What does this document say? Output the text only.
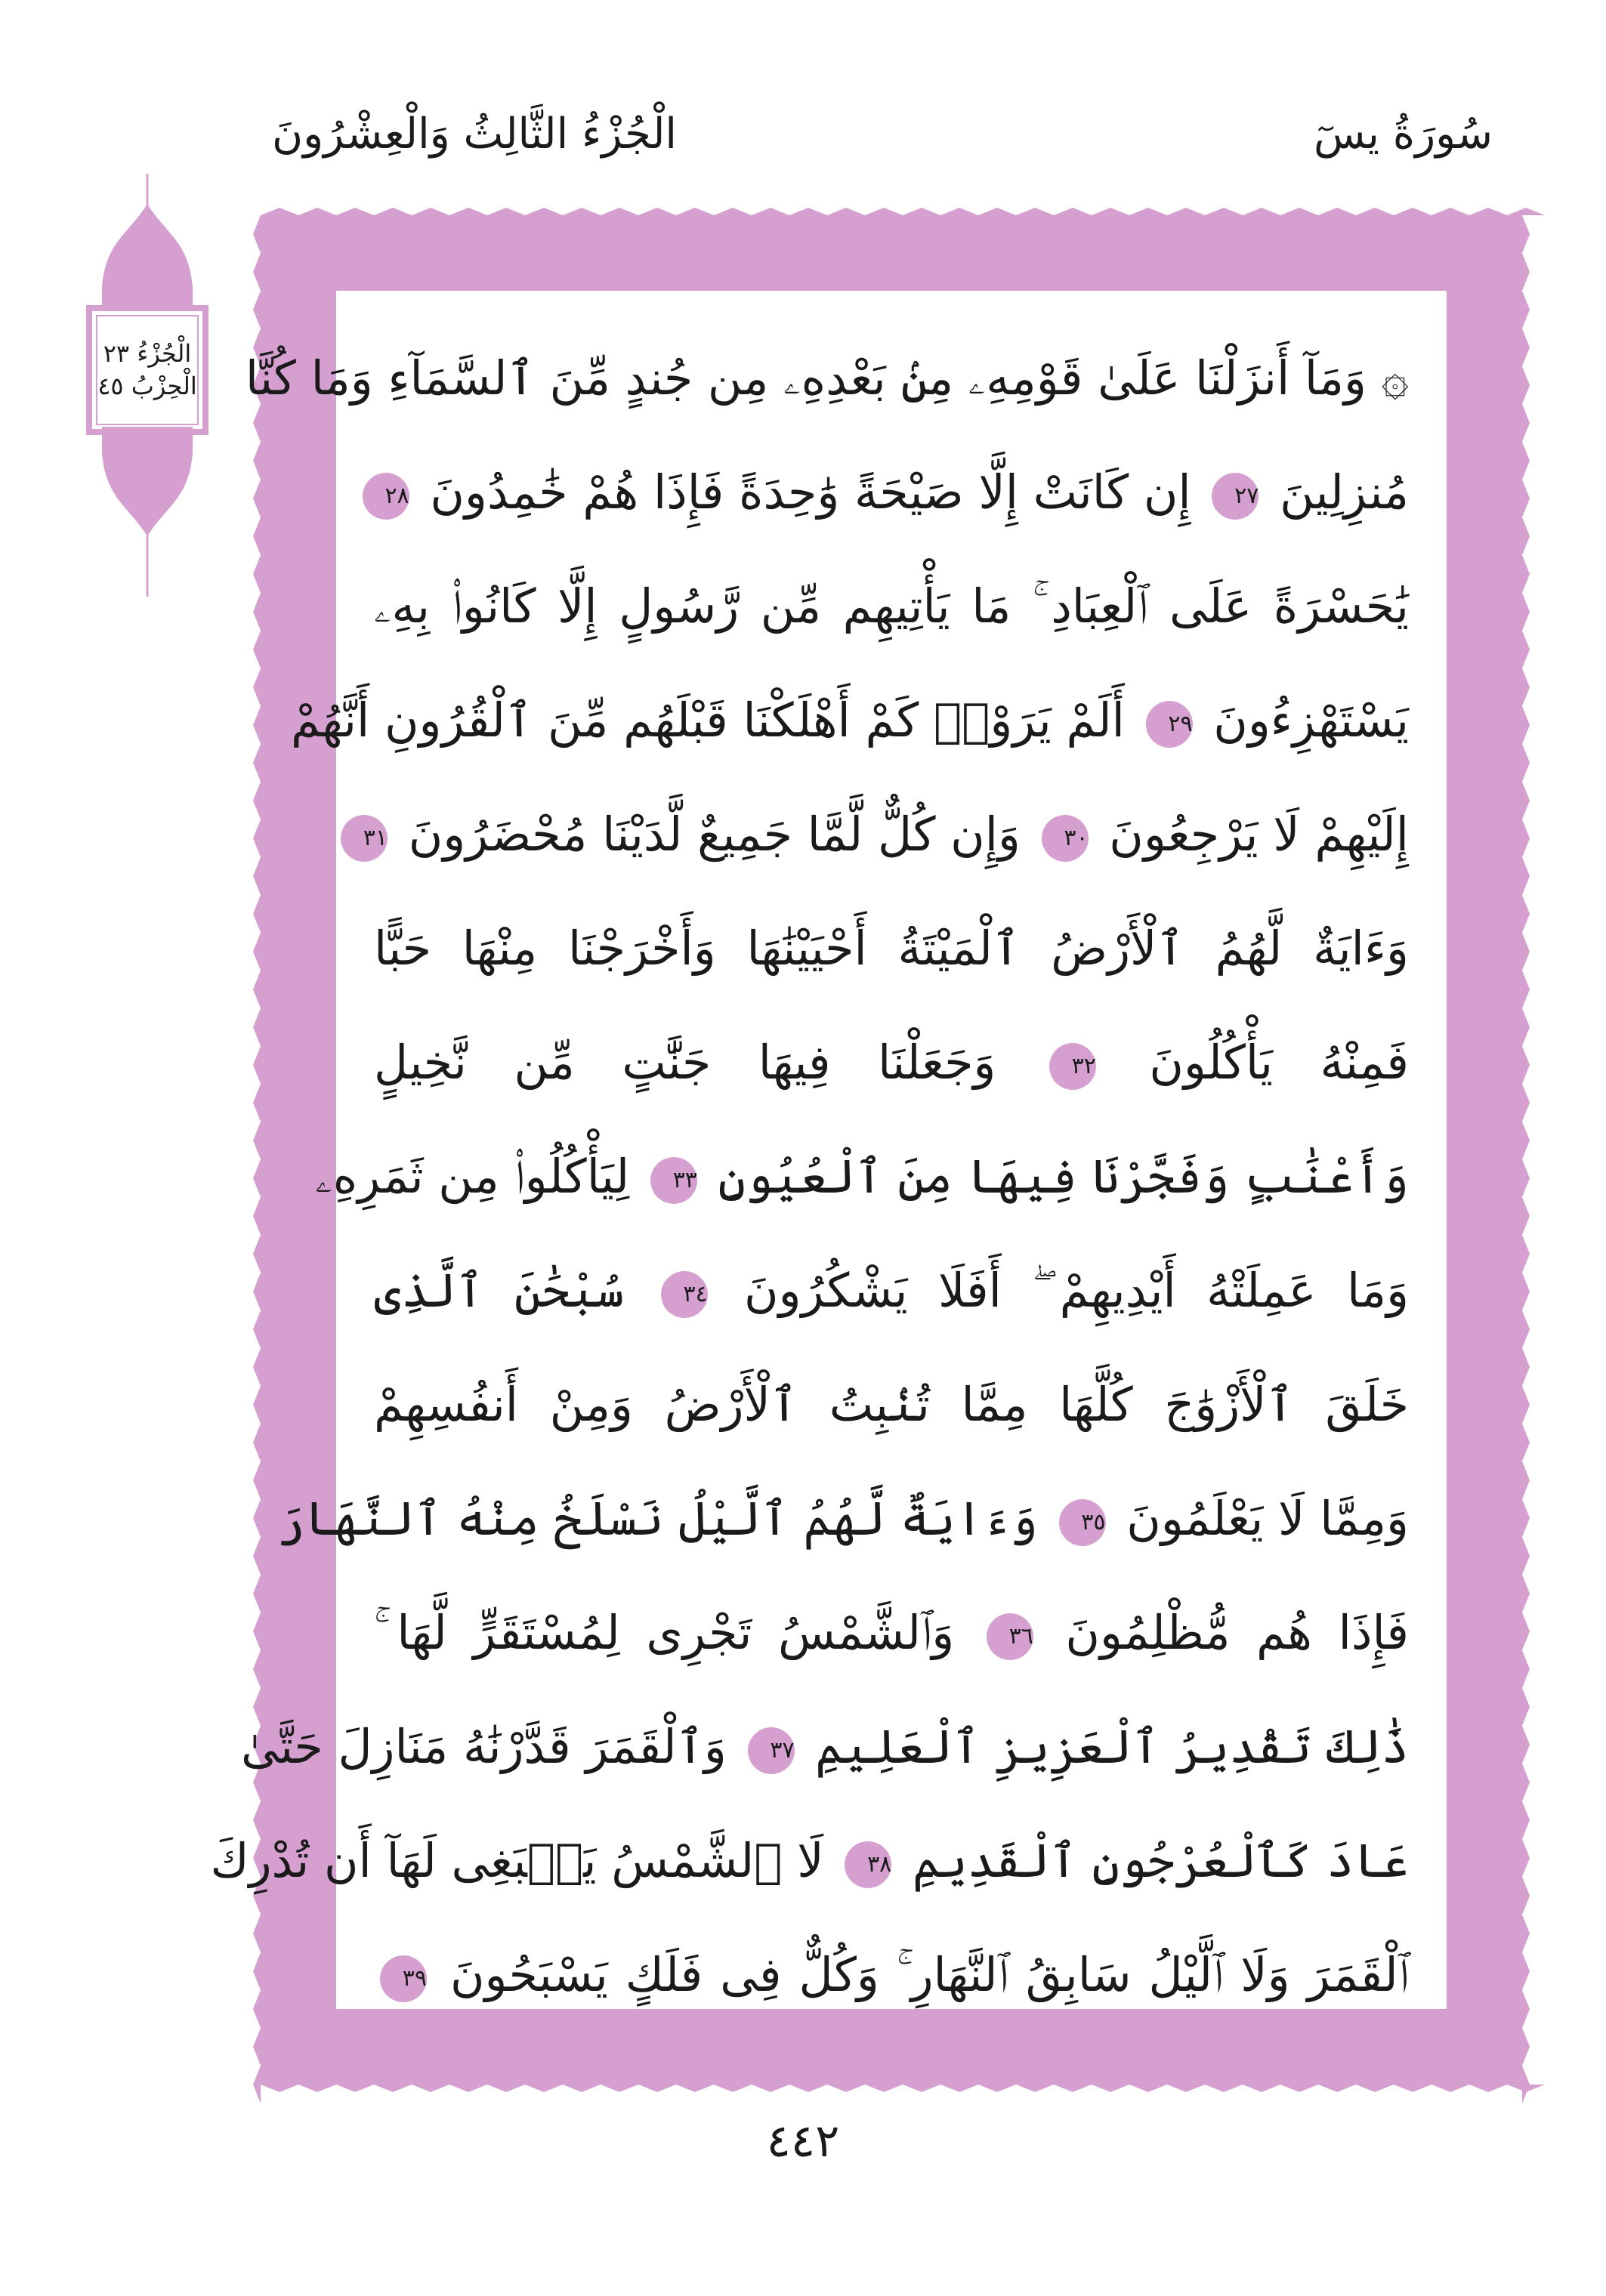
سُورَةُ يسٓ
الْجُزْءُ الثَّالِثُ وَالْعِشْرُونَ
الْجُزْءُ ٢٣
الْحِزْبُ ٤٥ ۞ وَمَآ أَنزَلْنَا عَلَىٰ قَوْمِهِۦ مِنۢ بَعْدِهِۦ مِن جُندٍ مِّنَ ٱلسَّمَآءِ وَمَا كُنَّا
مُنزِلِينَ ٢٧ إِن كَانَتْ إِلَّا صَيْحَةً وَٰحِدَةً فَإِذَا هُمْ خَٰمِدُونَ ٢٨
يَٰحَسْرَةً عَلَى ٱلْعِبَادِ ۚ مَا يَأْتِيهِم مِّن رَّسُولٍ إِلَّا كَانُوا۟ بِهِۦ
يَسْتَهْزِءُونَ ٢٩ أَلَمْ يَرَوْا۟ كَمْ أَهْلَكْنَا قَبْلَهُم مِّنَ ٱلْقُرُونِ أَنَّهُمْ
إِلَيْهِمْ لَا يَرْجِعُونَ ٣٠ وَإِن كُلٌّ لَّمَّا جَمِيعٌ لَّدَيْنَا مُحْضَرُونَ ٣١
وَءَايَةٌ لَّهُمُ ٱلْأَرْضُ ٱلْمَيْتَةُ أَحْيَيْنَٰهَا وَأَخْرَجْنَا مِنْهَا حَبًّا
فَمِنْهُ يَأْكُلُونَ ٣٢ وَجَعَلْنَا فِيهَا جَنَّٰتٍ مِّن نَّخِيلٍ
وَأَعْنَٰبٍ وَفَجَّرْنَا فِيهَا مِنَ ٱلْعُيُونِ ٣٣ لِيَأْكُلُوا۟ مِن ثَمَرِهِۦ
وَمَا عَمِلَتْهُ أَيْدِيهِمْ ۖ أَفَلَا يَشْكُرُونَ ٣٤ سُبْحَٰنَ ٱلَّذِى
خَلَقَ ٱلْأَزْوَٰجَ كُلَّهَا مِمَّا تُنۢبِتُ ٱلْأَرْضُ وَمِنْ أَنفُسِهِمْ
وَمِمَّا لَا يَعْلَمُونَ ٣٥ وَءَايَةٌ لَّهُمُ ٱلَّيْلُ نَسْلَخُ مِنْهُ ٱلنَّهَارَ
فَإِذَا هُم مُّظْلِمُونَ ٣٦ وَٱلشَّمْسُ تَجْرِى لِمُسْتَقَرٍّ لَّهَا ۚ
ذَٰلِكَ تَقْدِيرُ ٱلْعَزِيزِ ٱلْعَلِيمِ ٣٧ وَٱلْقَمَرَ قَدَّرْنَٰهُ مَنَازِلَ حَتَّىٰ
عَادَ كَٱلْعُرْجُونِ ٱلْقَدِيمِ ٣٨ لَا ٱلشَّمْسُ يَنۢبَغِى لَهَآ أَن تُدْرِكَ
ٱلْقَمَرَ وَلَا ٱلَّيْلُ سَابِقُ ٱلنَّهَارِ ۚ وَكُلٌّ فِى فَلَكٍ يَسْبَحُونَ ٣٩
٤٤٢
